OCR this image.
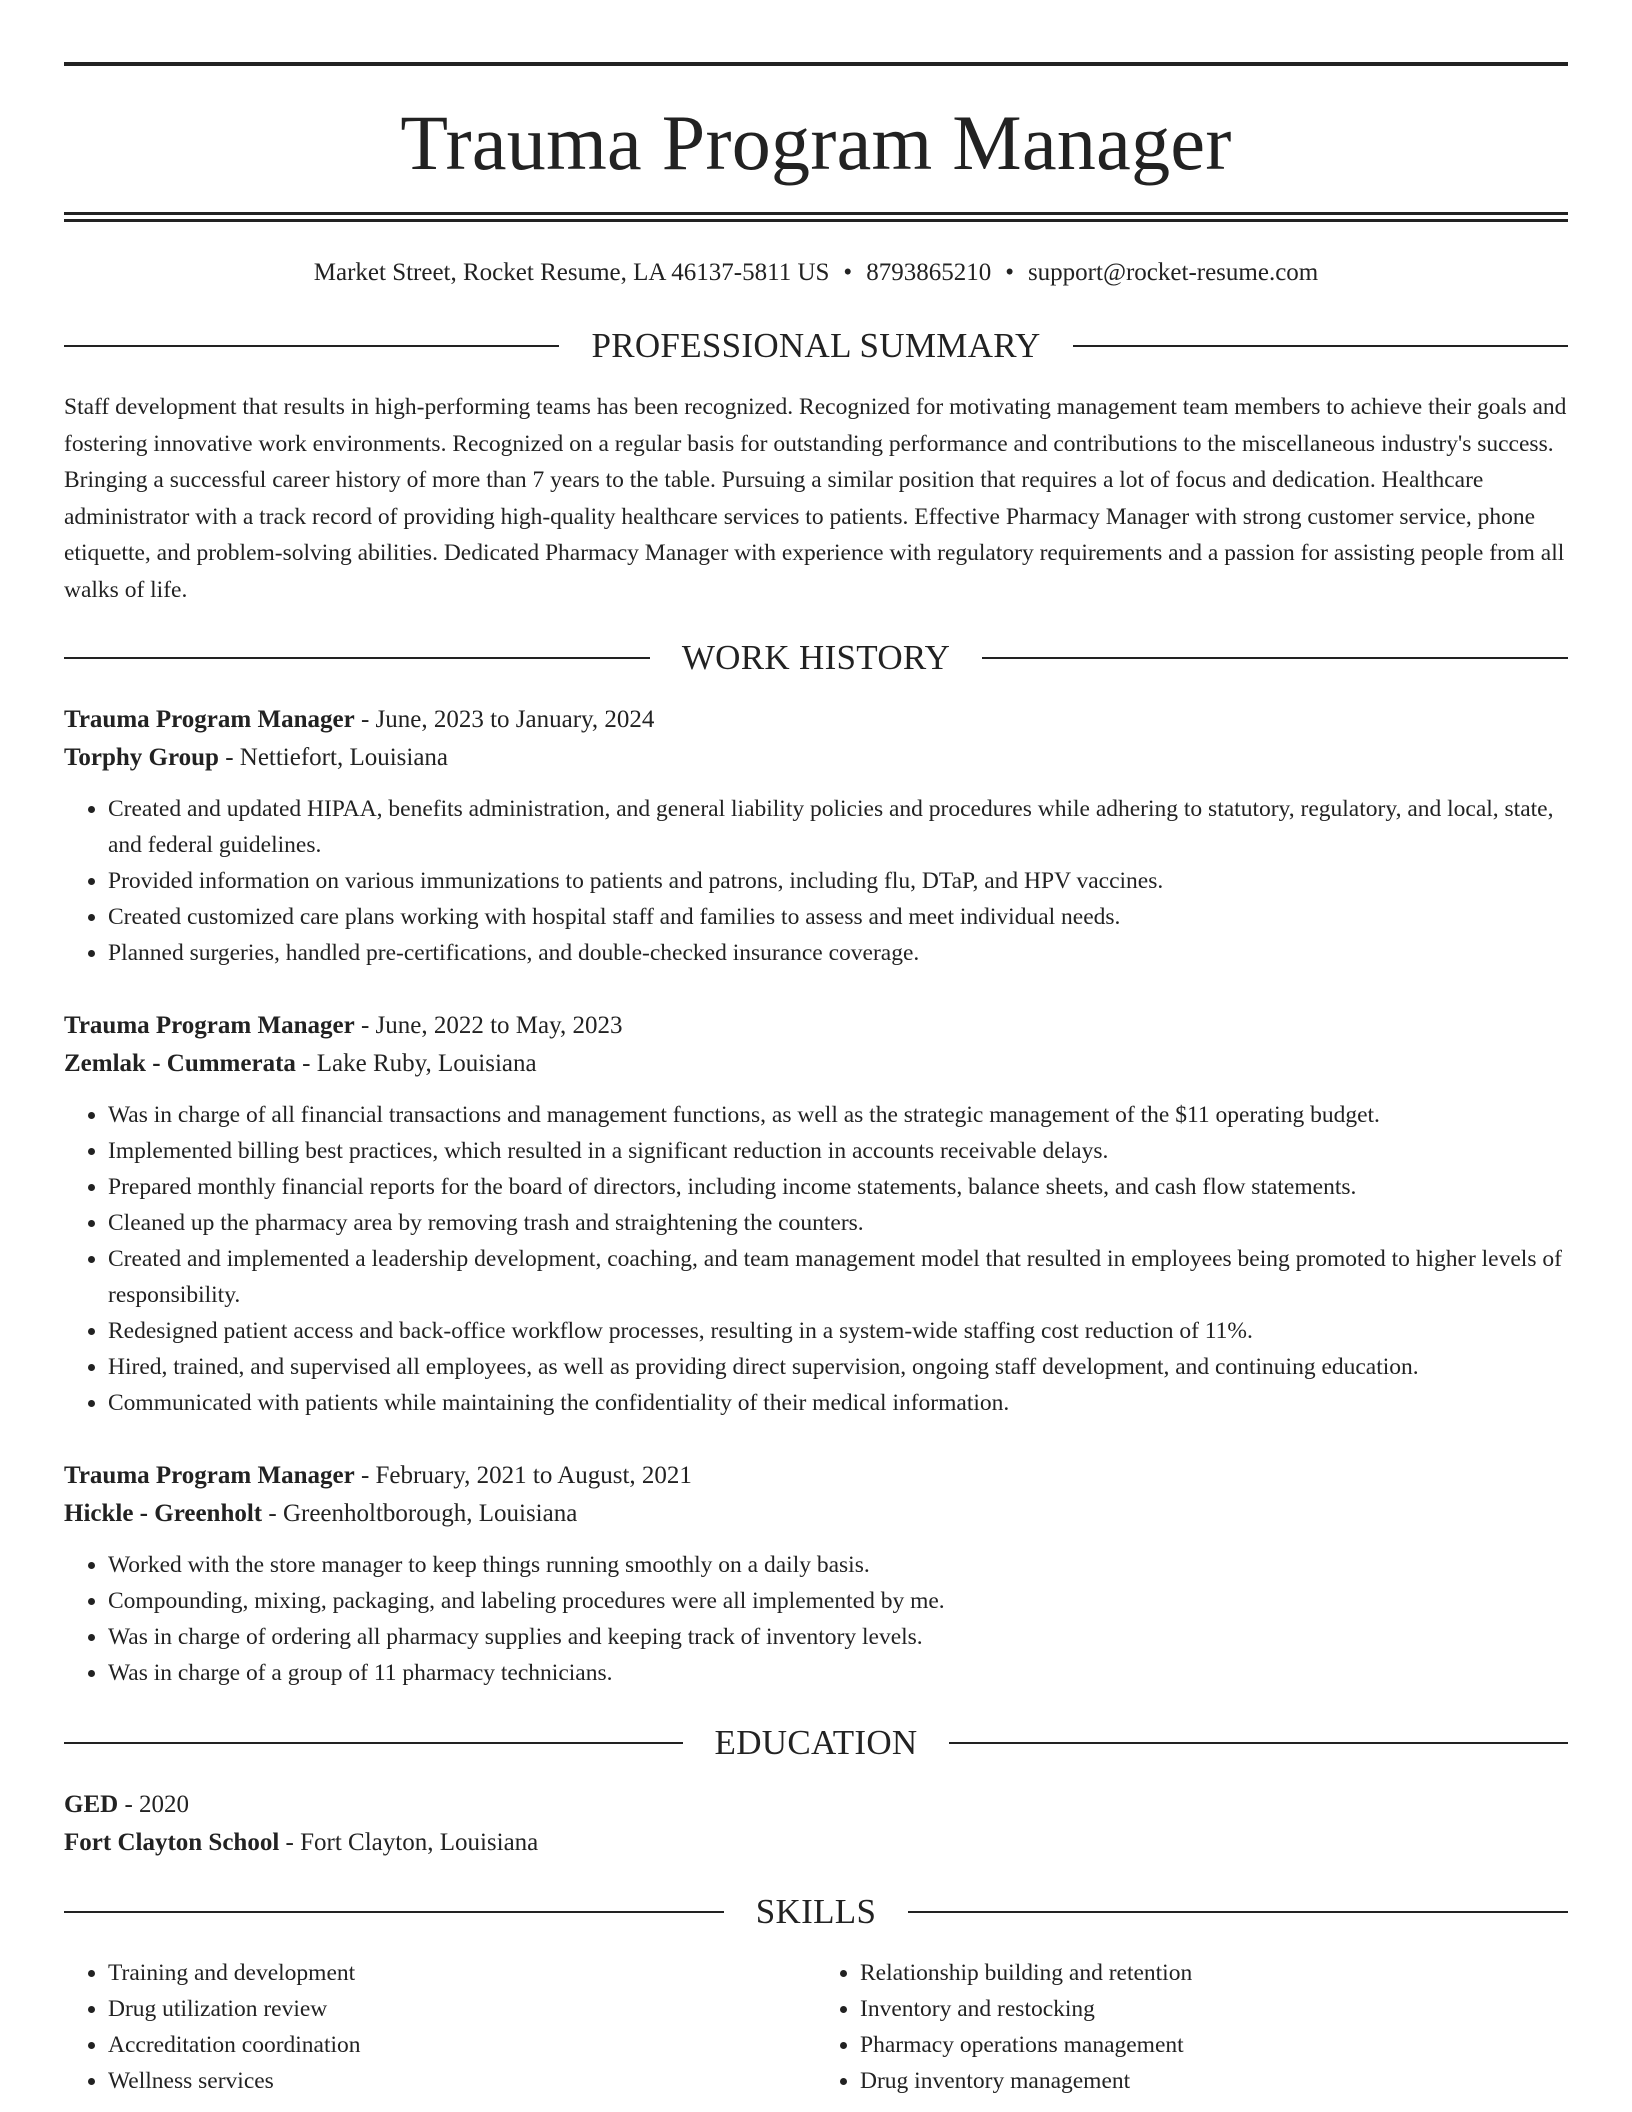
Trauma Program Manager
Market Street, Rocket Resume, LA 46137-5811 US • 8793865210 • support@rocket-resume.com
PROFESSIONAL SUMMARY

Staff development that results in high-performing teams has been recognized. Recognized for motivating management team members to achieve their goals and fostering innovative work environments. Recognized on a regular basis for outstanding performance and contributions to the miscellaneous industry's success. Bringing a successful career history of more than 7 years to the table. Pursuing a similar position that requires a lot of focus and dedication. Healthcare administrator with a track record of providing high-quality healthcare services to patients. Effective Pharmacy Manager with strong customer service, phone etiquette, and problem-solving abilities. Dedicated Pharmacy Manager with experience with regulatory requirements and a passion for assisting people from all walks of life.

WORK HISTORY
Trauma Program Manager - June, 2023 to January, 2024
Torphy Group - Nettiefort, Louisiana
• Created and updated HIPAA, benefits administration, and general liability policies and procedures while adhering to statutory, regulatory, and local, state, and federal guidelines.
• Provided information on various immunizations to patients and patrons, including flu, DTaP, and HPV vaccines.
• Created customized care plans working with hospital staff and families to assess and meet individual needs.
• Planned surgeries, handled pre-certifications, and double-checked insurance coverage.
Trauma Program Manager - June, 2022 to May, 2023
Zemlak - Cummerata - Lake Ruby, Louisiana
• Was in charge of all financial transactions and management functions, as well as the strategic management of the $11 operating budget.
• Implemented billing best practices, which resulted in a significant reduction in accounts receivable delays.
• Prepared monthly financial reports for the board of directors, including income statements, balance sheets, and cash flow statements.
• Cleaned up the pharmacy area by removing trash and straightening the counters.
• Created and implemented a leadership development, coaching, and team management model that resulted in employees being promoted to higher levels of responsibility.
• Redesigned patient access and back-office workflow processes, resulting in a system-wide staffing cost reduction of 11%.
• Hired, trained, and supervised all employees, as well as providing direct supervision, ongoing staff development, and continuing education.
• Communicated with patients while maintaining the confidentiality of their medical information.
Trauma Program Manager - February, 2021 to August, 2021
Hickle - Greenholt - Greenholtborough, Louisiana
• Worked with the store manager to keep things running smoothly on a daily basis.
• Compounding, mixing, packaging, and labeling procedures were all implemented by me.
• Was in charge of ordering all pharmacy supplies and keeping track of inventory levels.
• Was in charge of a group of 11 pharmacy technicians.
EDUCATION
GED - 2020
Fort Clayton School - Fort Clayton, Louisiana
SKILLS
• Training and development
• Drug utilization review
• Accreditation coordination
• Wellness services
• Relationship building and retention
• Inventory and restocking
• Pharmacy operations management
• Drug inventory management
